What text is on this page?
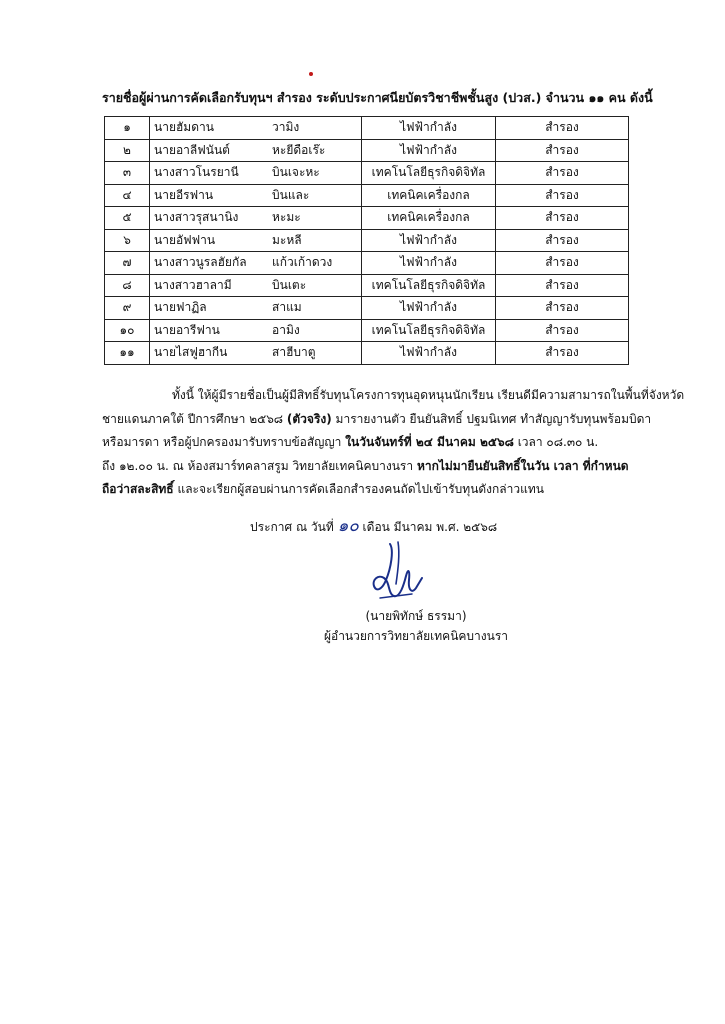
รายชื่อผู้ผ่านการคัดเลือกรับทุนฯ สำรอง ระดับประกาศนียบัตรวิชาชีพชั้นสูง (ปวส.) จำนวน ๑๑ คน ดังนี้
๑	นายฮัมดาน วามิง	ไฟฟ้ากำลัง	สำรอง
๒	นายอาลีฟนันต์ หะยีดือเร๊ะ	ไฟฟ้ากำลัง	สำรอง
๓	นางสาวโนรยานี บินเจะหะ	เทคโนโลยีธุรกิจดิจิทัล	สำรอง
๔	นายอีรฟาน บินและ	เทคนิคเครื่องกล	สำรอง
๕	นางสาวรุสนานิง หะมะ	เทคนิคเครื่องกล	สำรอง
๖	นายอัฟฟาน มะหลี	ไฟฟ้ากำลัง	สำรอง
๗	นางสาวนูรลฮัยกัล แก้วเก้าดวง	ไฟฟ้ากำลัง	สำรอง
๘	นางสาวฮาลามี บินเตะ	เทคโนโลยีธุรกิจดิจิทัล	สำรอง
๙	นายฟาฏิล สาแม	ไฟฟ้ากำลัง	สำรอง
๑๐	นายอารีฟาน อามิง	เทคโนโลยีธุรกิจดิจิทัล	สำรอง
๑๑	นายไสฟูฮากีน สาฮีบาตู	ไฟฟ้ากำลัง	สำรอง

ทั้งนี้ ให้ผู้มีรายชื่อเป็นผู้มีสิทธิ์รับทุนโครงการทุนอุดหนุนนักเรียน เรียนดีมีความสามารถในพื้นที่จังหวัด

ชายแดนภาคใต้ ปีการศึกษา ๒๕๖๘ (ตัวจริง) มารายงานตัว ยืนยันสิทธิ์ ปฐมนิเทศ ทำสัญญารับทุนพร้อมบิดา

หรือมารดา หรือผู้ปกครองมารับทราบข้อสัญญา ในวันจันทร์ที่ ๒๔ มีนาคม ๒๕๖๘ เวลา ๐๘.๓๐ น.

ถึง ๑๒.๐๐ น. ณ ห้องสมาร์ทคลาสรูม วิทยาลัยเทคนิคบางนรา หากไม่มายืนยันสิทธิ์ในวัน เวลา ที่กำหนด

ถือว่าสละสิทธิ์ และจะเรียกผู้สอบผ่านการคัดเลือกสำรองคนถัดไปเข้ารับทุนดังกล่าวแทน

ประกาศ ณ วันที่ ๑๐ เดือน มีนาคม พ.ศ. ๒๕๖๘
(นายพิทักษ์ ธรรมา)
ผู้อำนวยการวิทยาลัยเทคนิคบางนรา
